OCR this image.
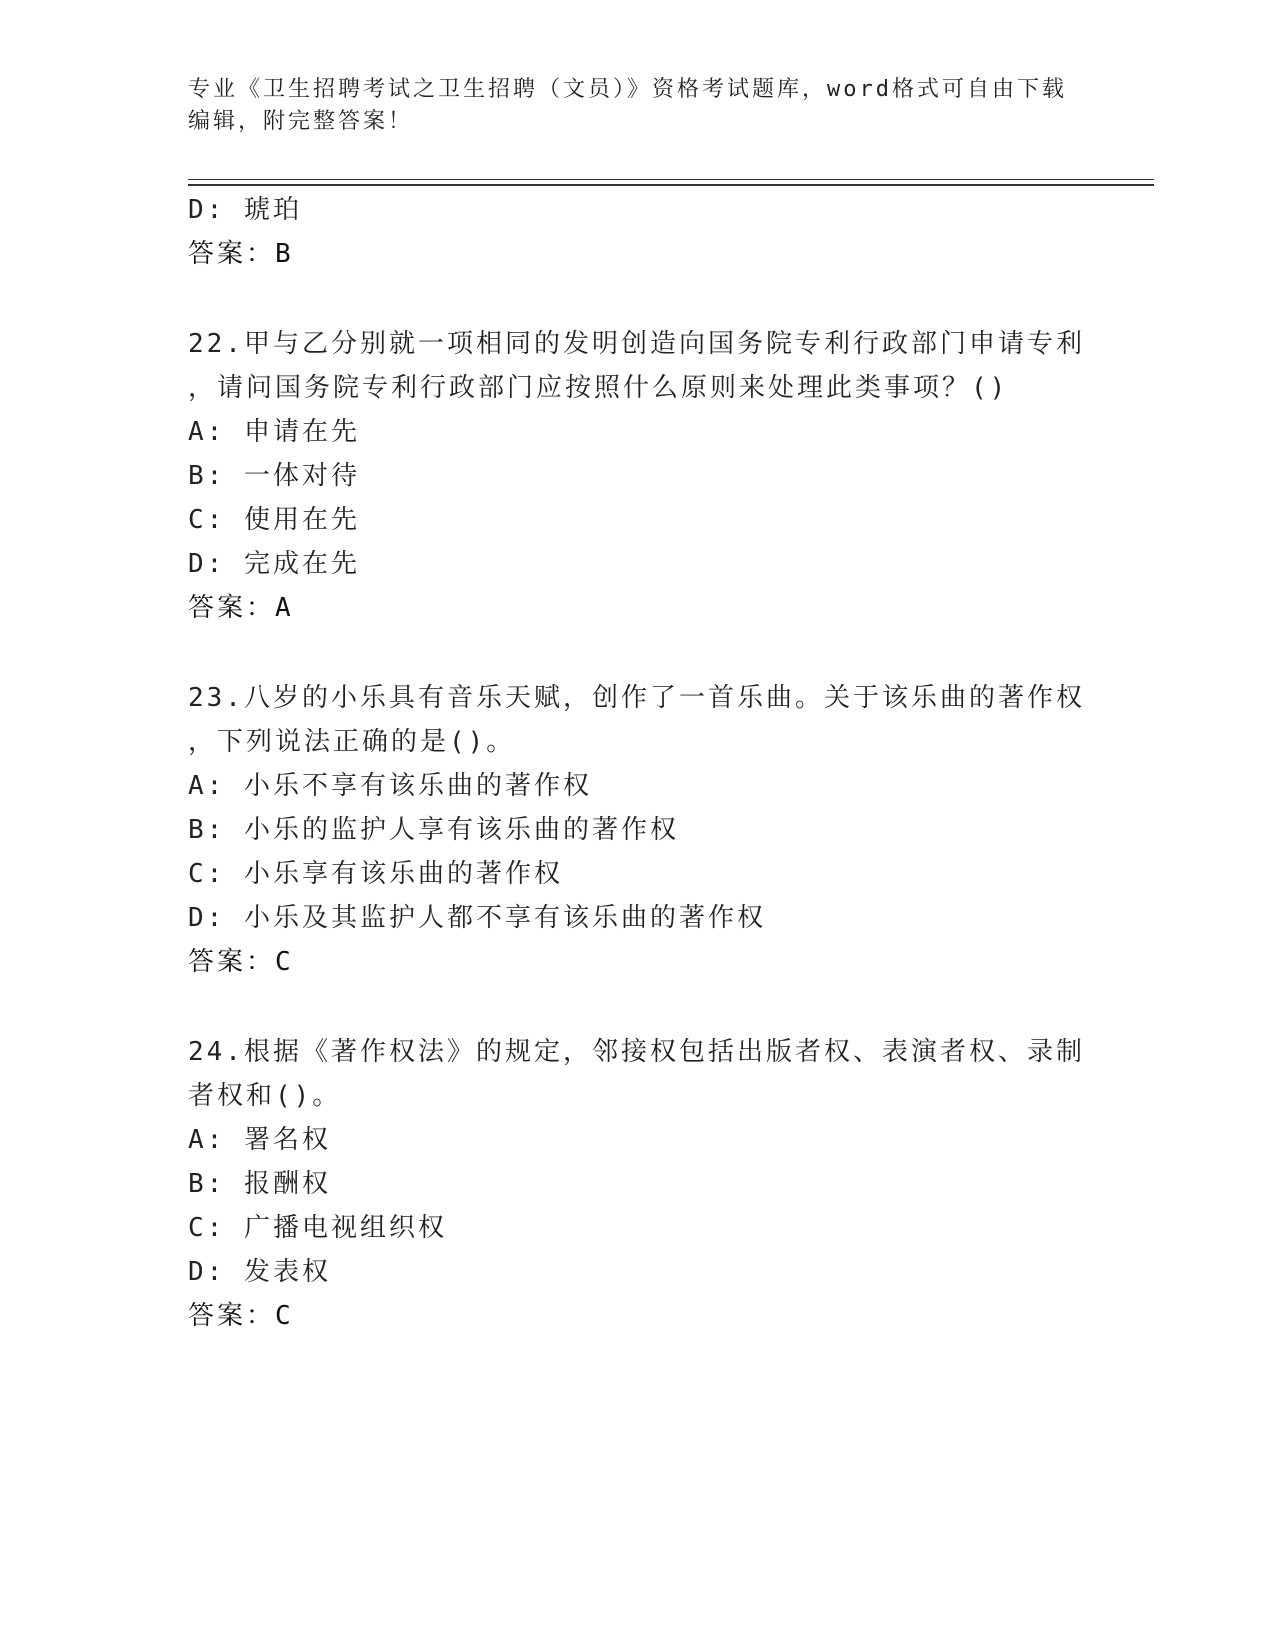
专业《卫生招聘考试之卫生招聘（文员）》资格考试题库，word格式可自由下载
编辑，附完整答案！
D: 琥珀
答案：B
22.甲与乙分别就一项相同的发明创造向国务院专利行政部门申请专利
，请问国务院专利行政部门应按照什么原则来处理此类事项？()
A: 申请在先
B: 一体对待
C: 使用在先
D: 完成在先
答案：A
23.八岁的小乐具有音乐天赋，创作了一首乐曲。关于该乐曲的著作权
，下列说法正确的是()。
A: 小乐不享有该乐曲的著作权
B: 小乐的监护人享有该乐曲的著作权
C: 小乐享有该乐曲的著作权
D: 小乐及其监护人都不享有该乐曲的著作权
答案：C
24.根据《著作权法》的规定，邻接权包括出版者权、表演者权、录制
者权和()。
A: 署名权
B: 报酬权
C: 广播电视组织权
D: 发表权
答案：C
